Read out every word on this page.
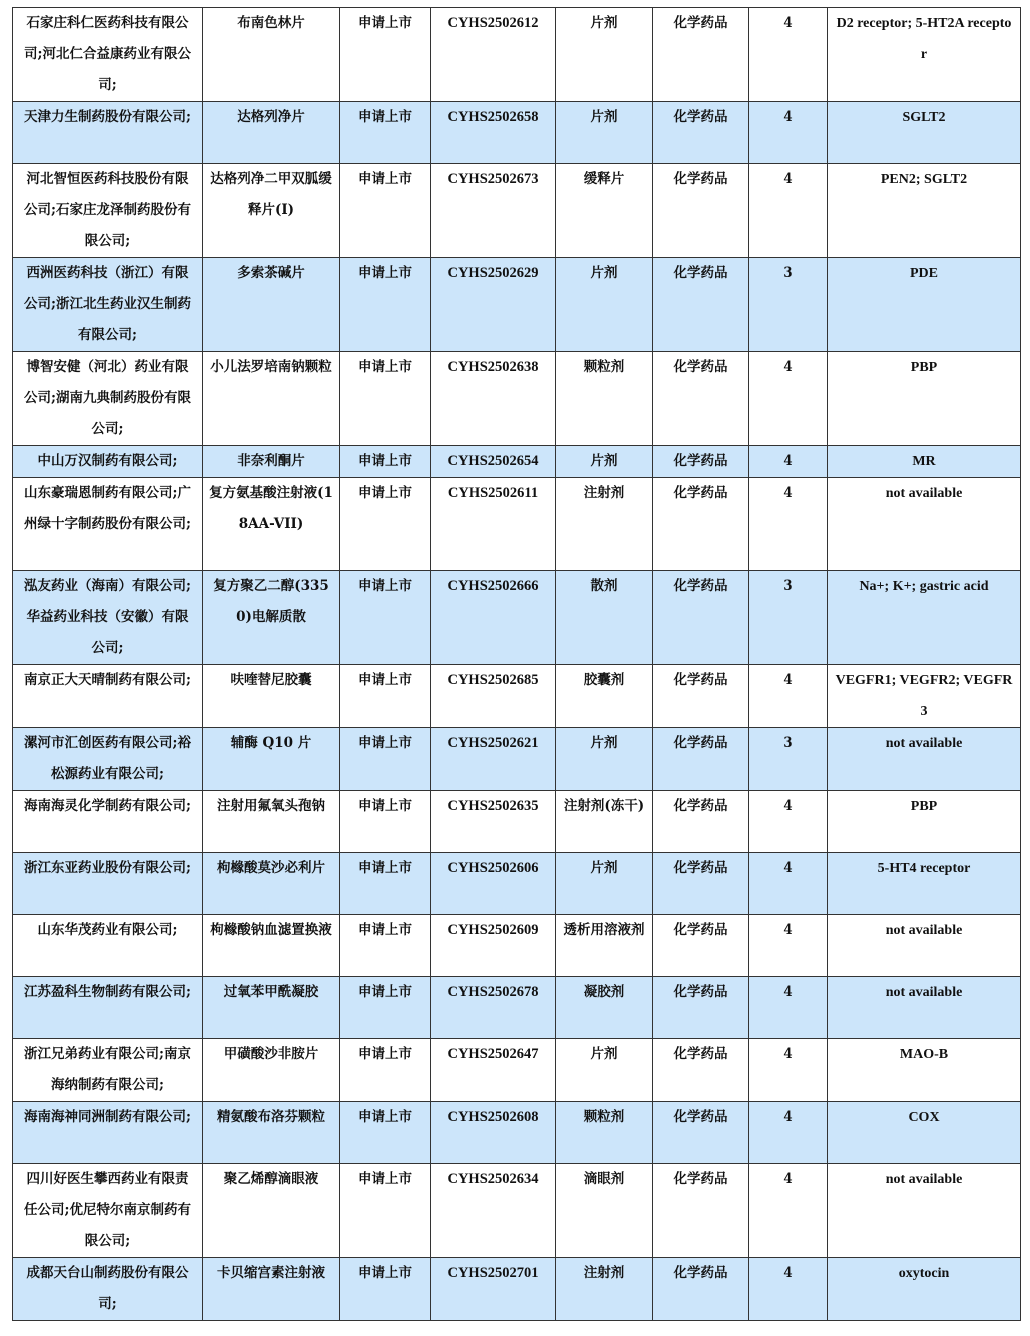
石家庄科仁医药科技有限公司;河北仁合益康药业有限公司;	布南色林片	申请上市	CYHS2502612	片剂	化学药品	4	D2 receptor; 5-HT2A receptor

天津力生制药股份有限公司;	达格列净片	申请上市	CYHS2502658	片剂	化学药品	4	SGLT2

河北智恒医药科技股份有限公司;石家庄龙泽制药股份有限公司;	达格列净二甲双胍缓释片(I)	申请上市	CYHS2502673	缓释片	化学药品	4	PEN2; SGLT2

西洲医药科技（浙江）有限公司;浙江北生药业汉生制药有限公司;	多索茶碱片	申请上市	CYHS2502629	片剂	化学药品	3	PDE

博智安健（河北）药业有限公司;湖南九典制药股份有限公司;	小儿法罗培南钠颗粒	申请上市	CYHS2502638	颗粒剂	化学药品	4	PBP

中山万汉制药有限公司;	非奈利酮片	申请上市	CYHS2502654	片剂	化学药品	4	MR

山东豪瑞恩制药有限公司;广州绿十字制药股份有限公司;	复方氨基酸注射液(18AA-VII)	申请上市	CYHS2502611	注射剂	化学药品	4	not available

泓友药业（海南）有限公司;华益药业科技（安徽）有限公司;	复方聚乙二醇(3350)电解质散	申请上市	CYHS2502666	散剂	化学药品	3	Na+; K+; gastric acid

南京正大天晴制药有限公司;	呋喹替尼胶囊	申请上市	CYHS2502685	胶囊剂	化学药品	4	VEGFR1; VEGFR2; VEGFR3

漯河市汇创医药有限公司;裕松源药业有限公司;	辅酶 Q10 片	申请上市	CYHS2502621	片剂	化学药品	3	not available

海南海灵化学制药有限公司;	注射用氟氧头孢钠	申请上市	CYHS2502635	注射剂(冻干)	化学药品	4	PBP

浙江东亚药业股份有限公司;	枸橼酸莫沙必利片	申请上市	CYHS2502606	片剂	化学药品	4	5-HT4 receptor

山东华茂药业有限公司;	枸橼酸钠血滤置换液	申请上市	CYHS2502609	透析用溶液剂	化学药品	4	not available

江苏盈科生物制药有限公司;	过氧苯甲酰凝胶	申请上市	CYHS2502678	凝胶剂	化学药品	4	not available

浙江兄弟药业有限公司;南京海纳制药有限公司;	甲磺酸沙非胺片	申请上市	CYHS2502647	片剂	化学药品	4	MAO-B

海南海神同洲制药有限公司;	精氨酸布洛芬颗粒	申请上市	CYHS2502608	颗粒剂	化学药品	4	COX

四川好医生攀西药业有限责任公司;优尼特尔南京制药有限公司;	聚乙烯醇滴眼液	申请上市	CYHS2502634	滴眼剂	化学药品	4	not available

成都天台山制药股份有限公司;	卡贝缩宫素注射液	申请上市	CYHS2502701	注射剂	化学药品	4	oxytocin
